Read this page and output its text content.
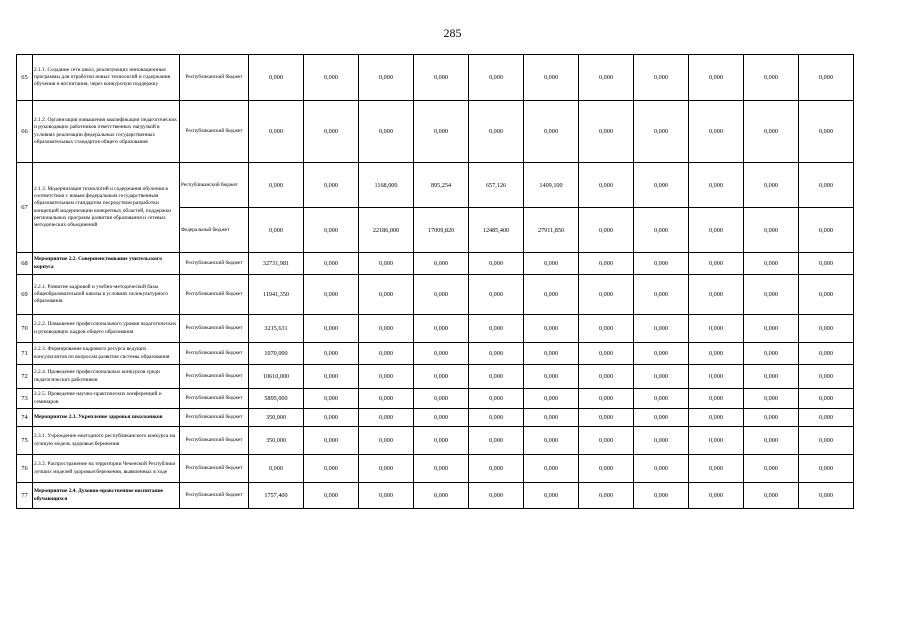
285
65	2.1.1. Создание сети школ, реализующих инновационные программы для отработки новых технологий и содержания обучения и воспитания, через конкурсную поддержку	Республиканский бюджет	0,000	0,000	0,000	0,000	0,000	0,000	0,000	0,000	0,000	0,000	0,000
66	2.1.2. Организация повышения квалификации педагогических и руководящих работников ответственных нагрузкой в условиях реализации федеральных государственных образовательных стандартов общего образования	Республиканский бюджет	0,000	0,000	0,000	0,000	0,000	0,000	0,000	0,000	0,000	0,000	0,000
67	2.1.3. Модернизация технологий и содержания обучения в соответствии с новым федеральным государственным образовательным стандартом посредством разработки концепций модернизации конкретных областей, поддержки региональных программ развития образования и сетевых методических объединений	Республиканский бюджет	0,000	0,000	1168,000	895,254	657,126	1409,100	0,000	0,000	0,000	0,000	0,000
		Федеральный бюджет	0,000	0,000	22186,000	17009,820	12485,400	27911,850	0,000	0,000	0,000	0,000	0,000
68	Мероприятие 2.2. Совершенствование учительского корпуса	Республиканский бюджет	32731,981	0,000	0,000	0,000	0,000	0,000	0,000	0,000	0,000	0,000	0,000
69	2.2.1. Развитие кадровой и учебно-методической базы общеобразовательной школы в условиях поликультурного образования	Республиканский бюджет	11941,350	0,000	0,000	0,000	0,000	0,000	0,000	0,000	0,000	0,000	0,000
70	2.2.2. Повышение профессионального уровня педагогических и руководящих кадров общего образования	Республиканский бюджет	3215,631	0,000	0,000	0,000	0,000	0,000	0,000	0,000	0,000	0,000	0,000
71	2.2.3. Формирование кадрового ресурса ведущих консультантов по вопросам развития системы образования	Республиканский бюджет	1070,000	0,000	0,000	0,000	0,000	0,000	0,000	0,000	0,000	0,000	0,000
72	2.2.4. Проведение профессиональных конкурсов среди педагогических работников	Республиканский бюджет	10610,000	0,000	0,000	0,000	0,000	0,000	0,000	0,000	0,000	0,000	0,000
73	2.2.5. Проведение научно-практических конференций и семинаров	Республиканский бюджет	5895,000	0,000	0,000	0,000	0,000	0,000	0,000	0,000	0,000	0,000	0,000
74	Мероприятие 2.3. Укрепление здоровья школьников	Республиканский бюджет	350,000	0,000	0,000	0,000	0,000	0,000	0,000	0,000	0,000	0,000	0,000
75	2.3.1. Учреждение ежегодного республиканского конкурса на лучшую модель здоровьесбережения	Республиканский бюджет	350,000	0,000	0,000	0,000	0,000	0,000	0,000	0,000	0,000	0,000	0,000
76	2.3.2. Распространение на территории Чеченской Республики лучших моделей здоровьесбережения, выявленных в ходе	Республиканский бюджет	0,000	0,000	0,000	0,000	0,000	0,000	0,000	0,000	0,000	0,000	0,000
77	Мероприятие 2.4. Духовно-нравственное воспитание обучающихся	Республиканский бюджет	1757,400	0,000	0,000	0,000	0,000	0,000	0,000	0,000	0,000	0,000	0,000
